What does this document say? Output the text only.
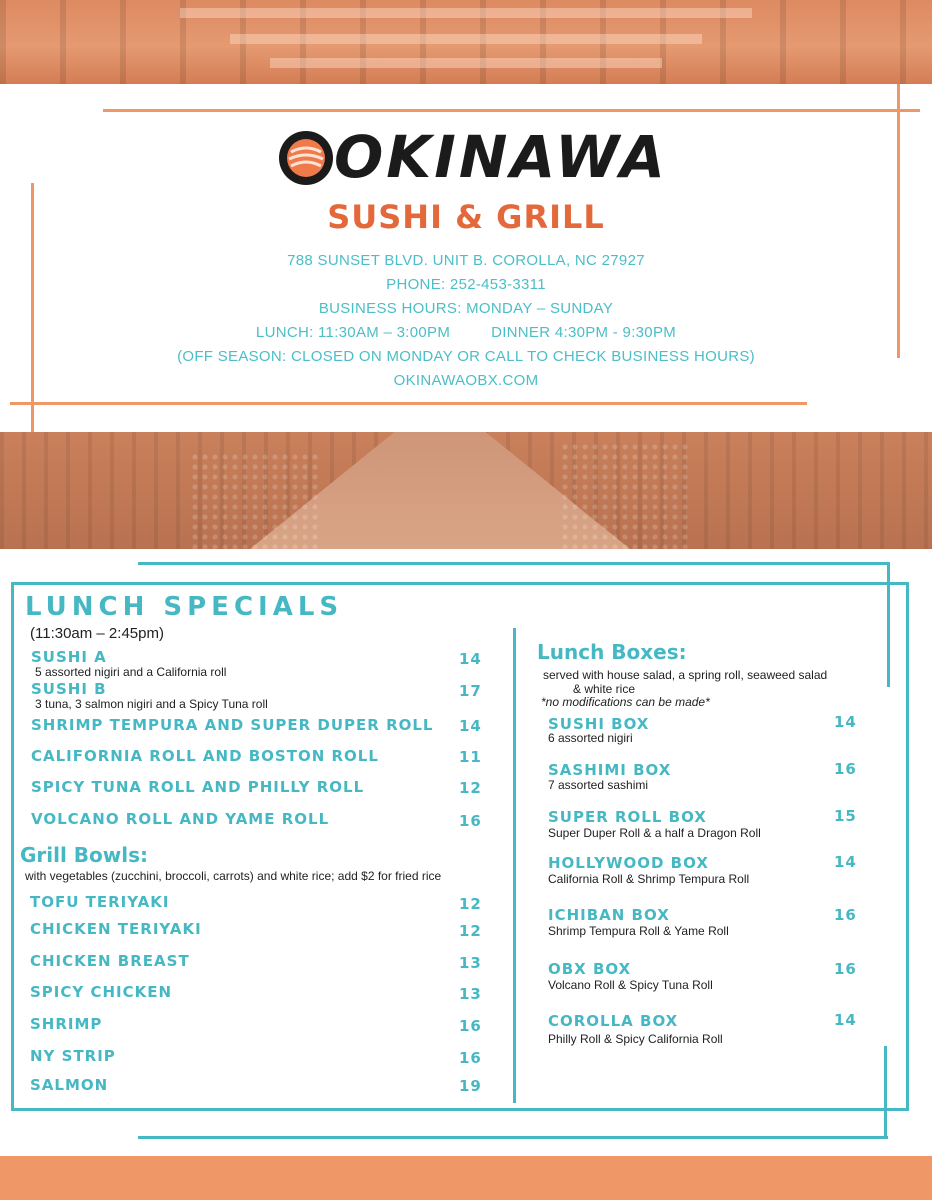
OKINAWA
SUSHI & GRILL
788 SUNSET BLVD. UNIT B. COROLLA, NC 27927
PHONE: 252-453-3311
BUSINESS HOURS: MONDAY – SUNDAY
LUNCH: 11:30AM – 3:00PM	DINNER 4:30PM - 9:30PM
(OFF SEASON: CLOSED ON MONDAY OR CALL TO CHECK BUSINESS HOURS)
OKINAWAOBX.COM
LUNCH SPECIALS
(11:30am – 2:45pm)
SUSHI A	14
5 assorted nigiri and a California roll
SUSHI B	17
3 tuna, 3 salmon nigiri and a Spicy Tuna roll
SHRIMP TEMPURA AND SUPER DUPER ROLL 14
CALIFORNIA ROLL AND BOSTON ROLL	11
SPICY TUNA ROLL AND PHILLY ROLL	12
VOLCANO ROLL AND YAME ROLL	16
Grill Bowls:
with vegetables (zucchini, broccoli, carrots) and white rice; add $2 for fried rice
TOFU TERIYAKI	12
CHICKEN TERIYAKI	12
CHICKEN BREAST	13
SPICY CHICKEN	13
SHRIMP	16
NY STRIP	16
SALMON	19
Lunch Boxes:
served with house salad, a spring roll, seaweed salad
& white rice
*no modifications can be made*
SUSHI BOX	14
6 assorted nigiri
SASHIMI BOX	16
7 assorted sashimi
SUPER ROLL BOX	15
Super Duper Roll & a half a Dragon Roll
HOLLYWOOD BOX	14
California Roll & Shrimp Tempura Roll
ICHIBAN BOX	16
Shrimp Tempura Roll & Yame Roll
OBX BOX	16
Volcano Roll & Spicy Tuna Roll
COROLLA BOX	14
Philly Roll & Spicy California Roll
